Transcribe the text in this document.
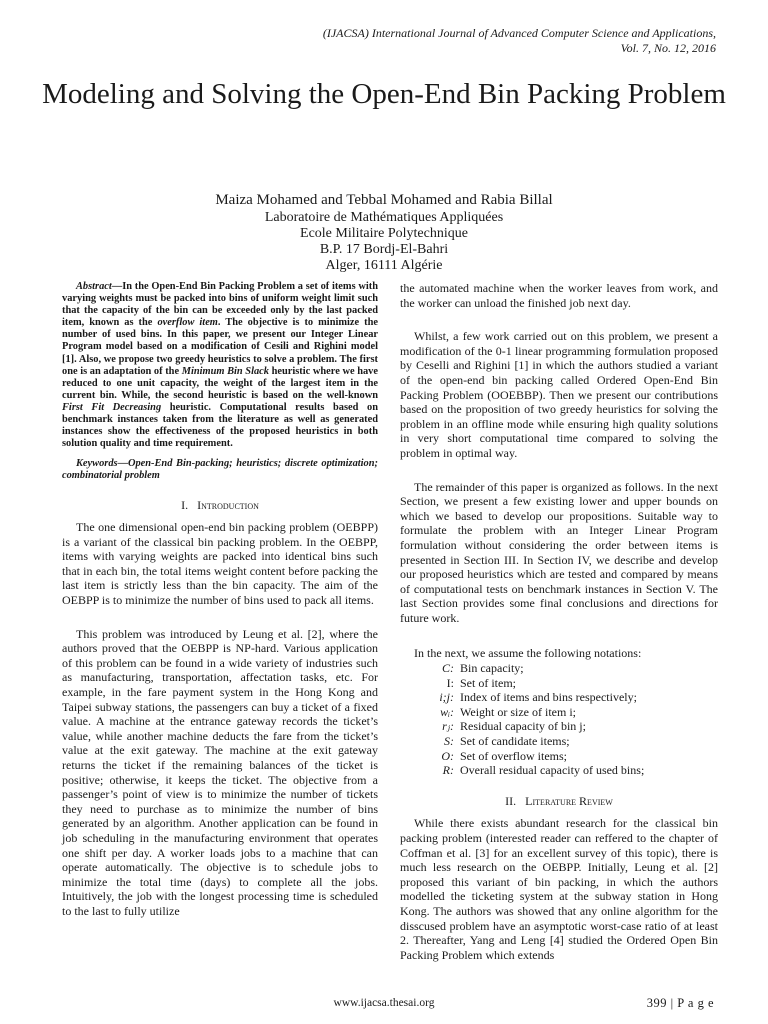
(IJACSA) International Journal of Advanced Computer Science and Applications,
Vol. 7, No. 12, 2016
Modeling and Solving the Open-End Bin Packing Problem
Maiza Mohamed and Tebbal Mohamed and Rabia Billal
Laboratoire de Mathématiques Appliquées
Ecole Militaire Polytechnique
B.P. 17 Bordj-El-Bahri
Alger, 16111 Algérie

Abstract—In the Open-End Bin Packing Problem a set of items with varying weights must be packed into bins of uniform weight limit such that the capacity of the bin can be exceeded only by the last packed item, known as the overflow item. The objective is to minimize the number of used bins. In this paper, we present our Integer Linear Program model based on a modification of Cesili and Righini model [1]. Also, we propose two greedy heuristics to solve a problem. The first one is an adaptation of the Minimum Bin Slack heuristic where we have reduced to one unit capacity, the weight of the largest item in the current bin. While, the second heuristic is based on the well-known First Fit Decreasing heuristic. Computational results based on benchmark instances taken from the literature as well as generated instances show the effectiveness of the proposed heuristics in both solution quality and time requirement.

Keywords—Open-End Bin-packing; heuristics; discrete optimization; combinatorial problem

I. Introduction

The one dimensional open-end bin packing problem (OEBPP) is a variant of the classical bin packing problem. In the OEBPP, items with varying weights are packed into identical bins such that in each bin, the total items weight content before packing the last item is strictly less than the bin capacity. The aim of the OEBPP is to minimize the number of bins used to pack all items.

This problem was introduced by Leung et al. [2], where the authors proved that the OEBPP is NP-hard. Various application of this problem can be found in a wide variety of industries such as manufacturing, transportation, affectation tasks, etc. For example, in the fare payment system in the Hong Kong and Taipei subway stations, the passengers can buy a ticket of a fixed value. A machine at the entrance gateway records the ticket’s value, while another machine deducts the fare from the ticket’s value at the exit gateway. The machine at the exit gateway returns the ticket if the remaining balances of the ticket is positive; otherwise, it keeps the ticket. The objective from a passenger’s point of view is to minimize the number of tickets they need to purchase as to minimize the number of bins generated by an algorithm. Another application can be found in job scheduling in the manufacturing environment that operates one shift per day. A worker loads jobs to a machine that can operate automatically. The objective is to schedule jobs to minimize the total time (days) to complete all the jobs. Intuitively, the job with the longest processing time is scheduled to the last to fully utilize

the automated machine when the worker leaves from work, and the worker can unload the finished job next day.

Whilst, a few work carried out on this problem, we present a modification of the 0-1 linear programming formulation proposed by Ceselli and Righini [1] in which the authors studied a variant of the open-end bin packing called Ordered Open-End Bin Packing Problem (OOEBBP). Then we present our contributions based on the proposition of two greedy heuristics for solving the problem in an offline mode while ensuring high quality solutions in very short computational time compared to solving the problem in optimal way.

The remainder of this paper is organized as follows. In the next Section, we present a few existing lower and upper bounds on which we based to develop our propositions. Suitable way to formulate the problem with an Integer Linear Program formulation without considering the order between items is presented in Section III. In Section IV, we describe and develop our proposed heuristics which are tested and compared by means of computational tests on benchmark instances in Section V. The last Section provides some final conclusions and directions for future work.

In the next, we assume the following notations:

C: Bin capacity;
I: Set of item;
i;j: Index of items and bins respectively;
wᵢ: Weight or size of item i;
rⱼ: Residual capacity of bin j;
S: Set of candidate items;
O: Set of overflow items;
R: Overall residual capacity of used bins;
II. Literature Review

While there exists abundant research for the classical bin packing problem (interested reader can reffered to the chapter of Coffman et al. [3] for an excellent survey of this topic), there is much less research on the OEBPP. Initially, Leung et al. [2] proposed this variant of bin packing, in which the authors modelled the ticketing system at the subway station in Hong Kong. The authors was showed that any online algorithm for the disscused problem have an asymptotic worst-case ratio of at least 2. Thereafter, Yang and Leng [4] studied the Ordered Open Bin Packing Problem which extends

www.ijacsa.thesai.org	399 | P a g e
